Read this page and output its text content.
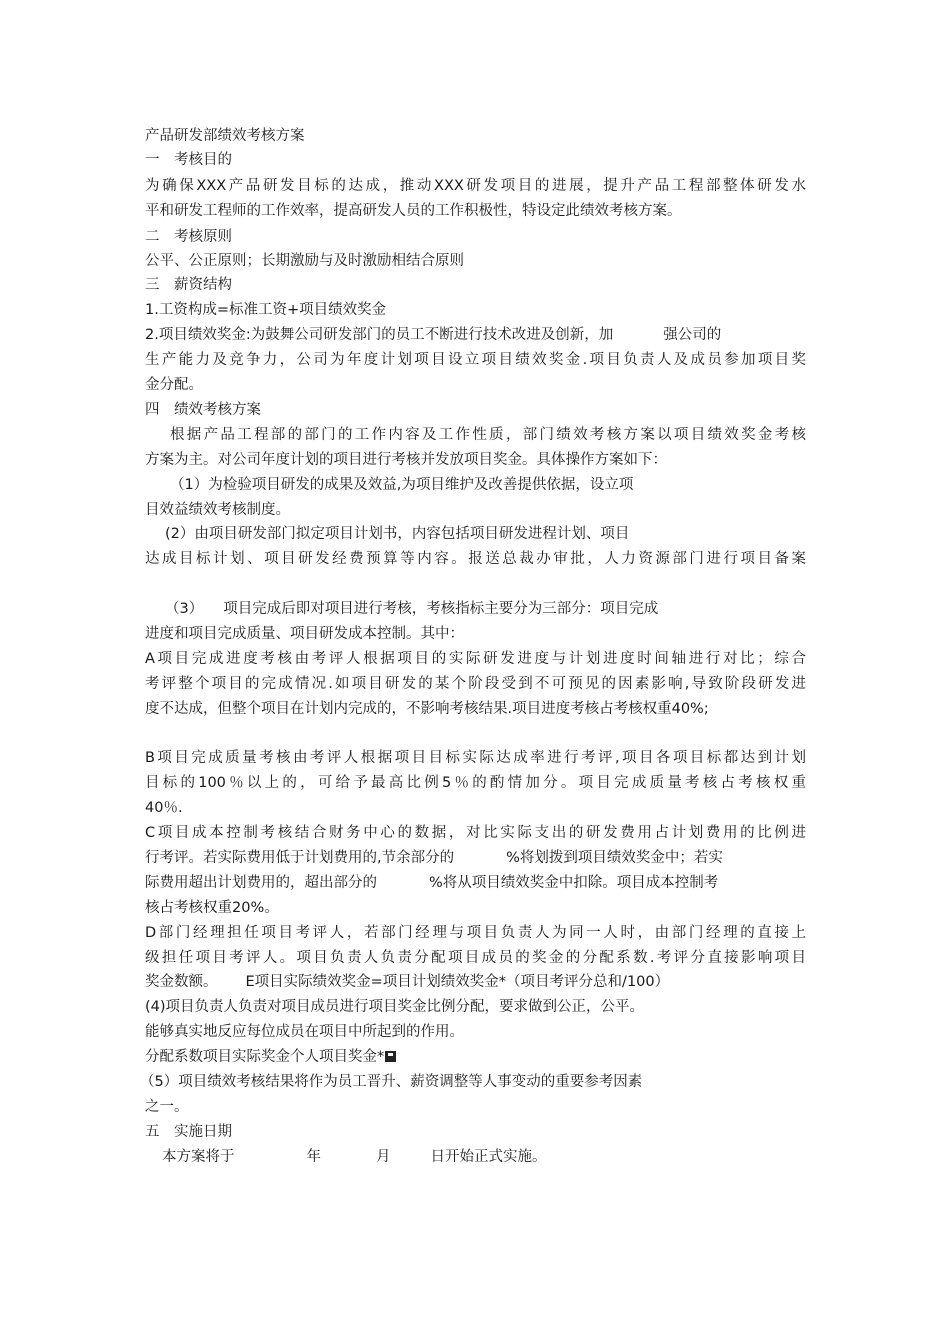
产品研发部绩效考核方案
一　考核目的
为确保XXX产品研发目标的达成，推动XXX研发项目的进展，提升产品工程部整体研发水
平和研发工程师的工作效率，提高研发人员的工作积极性，特设定此绩效考核方案。
二　考核原则
公平、公正原则；长期激励与及时激励相结合原则
三　薪资结构
1.工资构成=标准工资+项目绩效奖金
2.项目绩效奖金:为鼓舞公司研发部门的员工不断进行技术改进及创新，加	强公司的
生产能力及竞争力，公司为年度计划项目设立项目绩效奖金.项目负责人及成员参加项目奖
金分配。
四　绩效考核方案
根据产品工程部的部门的工作内容及工作性质，部门绩效考核方案以项目绩效奖金考核
方案为主。对公司年度计划的项目进行考核并发放项目奖金。具体操作方案如下：
（1）为检验项目研发的成果及效益,为项目维护及改善提供依据，设立项
目效益绩效考核制度。
(2）由项目研发部门拟定项目计划书，内容包括项目研发进程计划、项目
达成目标计划、项目研发经费预算等内容。报送总裁办审批，人力资源部门进行项目备案
（3） 项目完成后即对项目进行考核，考核指标主要分为三部分：项目完成
进度和项目完成质量、项目研发成本控制。其中：
A项目完成进度考核由考评人根据项目的实际研发进度与计划进度时间轴进行对比；综合
考评整个项目的完成情况.如项目研发的某个阶段受到不可预见的因素影响,导致阶段研发进
度不达成，但整个项目在计划内完成的，不影响考核结果.项目进度考核占考核权重40%;
B项目完成质量考核由考评人根据项目目标实际达成率进行考评,项目各项目标都达到计划
目标的100％以上的，可给予最高比例5％的酌情加分。项目完成质量考核占考核权重
40％.
C项目成本控制考核结合财务中心的数据，对比实际支出的研发费用占计划费用的比例进
行考评。若实际费用低于计划费用的,节余部分的	%将划拨到项目绩效奖金中；若实
际费用超出计划费用的，超出部分的	%将从项目绩效奖金中扣除。项目成本控制考
核占考核权重20%。
D部门经理担任项目考评人，若部门经理与项目负责人为同一人时，由部门经理的直接上
级担任项目考评人。项目负责人负责分配项目成员的奖金的分配系数.考评分直接影响项目
奖金数额。 E项目实际绩效奖金=项目计划绩效奖金*（项目考评分总和/100）
(4)项目负责人负责对项目成员进行项目奖金比例分配，要求做到公正，公平。
能够真实地反应每位成员在项目中所起到的作用。
分配系数项目实际奖金个人项目奖金*
（5）项目绩效考核结果将作为员工晋升、薪资调整等人事变动的重要参考因素
之一。
五　实施日期
本方案将于	年	月	日开始正式实施。
